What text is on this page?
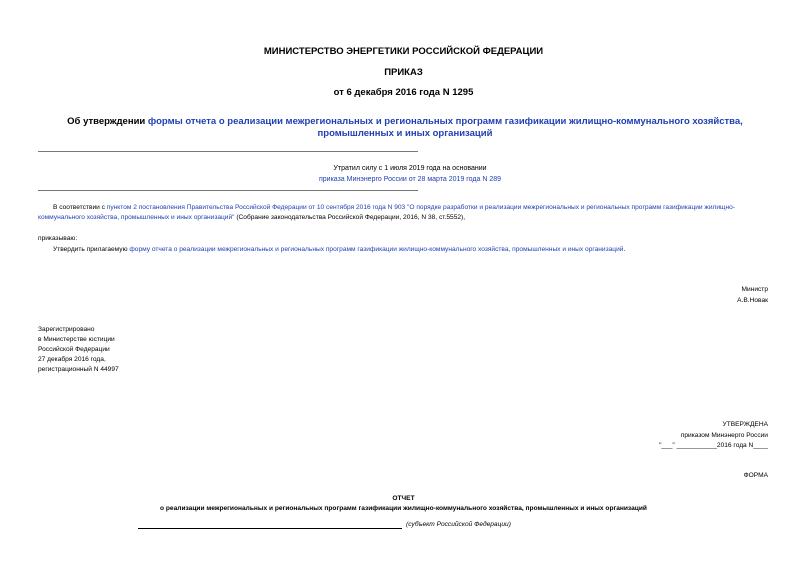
МИНИСТЕРСТВО ЭНЕРГЕТИКИ РОССИЙСКОЙ ФЕДЕРАЦИИ
ПРИКАЗ
от 6 декабря 2016 года N 1295
Об утверждении формы отчета о реализации межрегиональных и региональных программ газификации жилищно-коммунального хозяйства, промышленных и иных организаций
Утратил силу с 1 июля 2019 года на основании
приказа Минэнерго России от 28 марта 2019 года N 289
В соответствии с пунктом 2 постановления Правительства Российской Федерации от 10 сентября 2016 года N 903 "О порядке разработки и реализации межрегиональных и региональных программ газификации жилищно-коммунального хозяйства, промышленных и иных организаций" (Собрание законодательства Российской Федерации, 2016, N 38, ст.5552),
приказываю:
Утвердить прилагаемую форму отчета о реализации межрегиональных и региональных программ газификации жилищно-коммунального хозяйства, промышленных и иных организаций.
Министр
А.В.Новак
Зарегистрировано
в Министерстве юстиции
Российской Федерации
27 декабря 2016 года,
регистрационный N 44997
УТВЕРЖДЕНА
приказом Минэнерго России
"___" ___________2016 года N____
ФОРМА
ОТЧЕТ
о реализации межрегиональных и региональных программ газификации жилищно-коммунального хозяйства, промышленных и иных организаций
(субъект Российской Федерации)
